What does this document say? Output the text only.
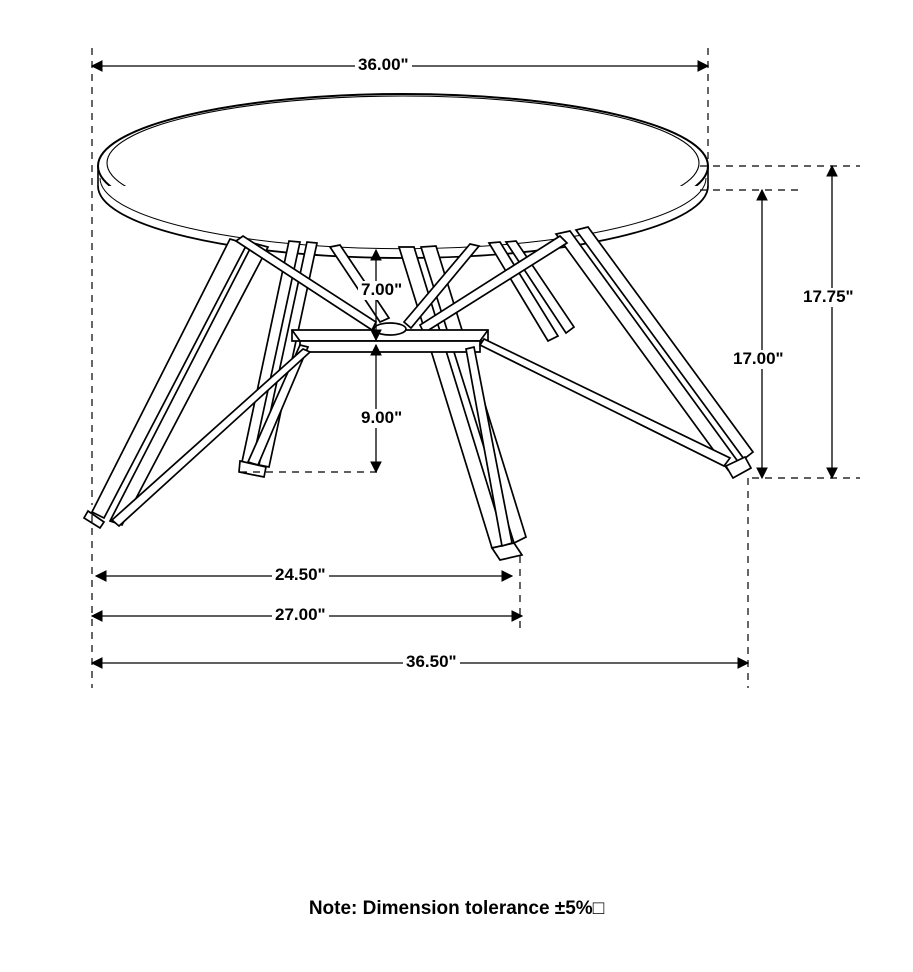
36.00"
7.00"	17.75"
17.00"
9.00"
24.50"
27.00"
36.50"
Note: Dimension tolerance ±5%□
